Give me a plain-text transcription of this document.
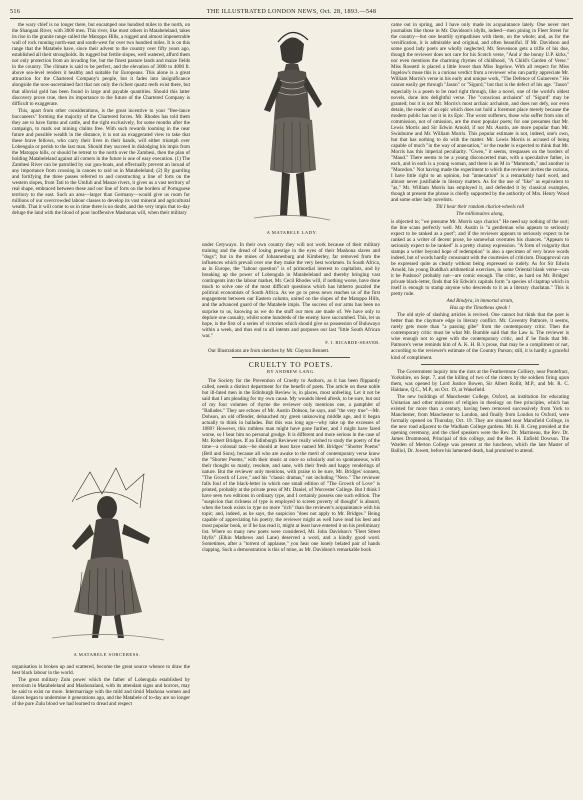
516	THE ILLUSTRATED LONDON NEWS, Oct. 28, 1893.—548

the wary chief is no longer there, but encamped one hundred miles to the north, on the Shangani River, with 3000 men. This river, like most others in Matabeleland, takes its rise in the granite range called the Matoppo Hills, a rugged and almost impenetrable wall of rock running north-east and south-west for over two hundred miles. It is on this range that the Matabele have, since their advent to the country over fifty years ago, established all their strongholds. Its rugged but fertile slopes, well watered, afford them not only protection from an invading foe, but the finest pasture lands and maize fields in the country. The climate is said to be perfect, and the elevation of 3000 to 4000 ft. above sea-level renders it healthy and suitable for Europeans. This alone is a great attraction for the Chartered Company's people, but it fades into insignificance alongside the now-ascertained fact that not only the richest quartz reefs exist there, but that alluvial gold has been found in large and payable quantities. Should this latter discovery prove true, then its importance to the future of the Chartered Company is difficult to exaggerate.

This, apart from other considerations, is the great incentive to your "free-lance buccaneers" forming the majority of the Chartered forces. Mr. Rhodes has told them they are to have farms and cattle, and the right exclusively, for some months after the campaign, to mark out mining claims free. With such rewards looming in the near future and possible wealth in the distance, it is not an exaggerated view to take that these brave fellows, who carry their lives in their hands, will either triumph over Lobengula or perish to the last man. Should they succeed in dislodging his impis from the Matoppo hills, or should he retreat to the north over the Zambesi, then the plan of holding Matabeleland against all comers in the future is one of easy execution. (1) The Zambesi River can be patrolled by our gun-boats, and effectually prevent an inroad of any importance from crossing in canoes to raid us in Matabeleland; (2) By guarding and fortifying the three passes referred to and constructing a line of forts on the western slopes, from Tati to the Umfuli and Manze rivers, it gives us a vast territory of real shape, embraced between these and our line of forts on the borders of Portuguese territory to the east. Such an area—larger than Germany—would give us room for millions of our overcrowded labour classes to develop its vast mineral and agricultural wealth. That it will come to us in time there is no doubt, and the very impis that to-day deluge the land with the blood of poor inoffensive Mashonas will, when their military

A MATABELE SORCERESS.

organisation is broken up and scattered, become the great source whence to draw the best black labour in the world.

The great military Zulu power which the father of Lobengula established by terrorism in Matabeleland and Mashonaland, with its attendant signs and horrors, may be said to exist no more. Intermarriage with the mild and timid Mashona women and slaves began to undermine it generations ago, and the Matabele of to-day are no longer of the pure Zulu blood we had learned to dread and respect

A MATABELE LADY.

under Cetywayo. In their own country they will not work because of their military training and the dread of losing prestige in the eyes of their Mashona slaves and "dogs"; but in the mines of Johannesburg and Kimberley, far removed from the influences which prevail over one they make the very best workmen. In South Africa, as in Europe, the "labour question" is of primordial interest to capitalists, and by breaking up the power of Lobengula in Matabeleland and thereby bringing vast contingents into the labour market, Mr. Cecil Rhodes will, if nothing worse, have done much to solve one of the most difficult questions which has hitherto puzzled the political economists of South Africa. As we go to press news reaches us of the first engagement between our Eastern column, united on the slopes of the Matoppo Hills, and the advanced guard of the Matabele impis. The success of our arms has been no surprise to us, knowing as we do the stuff our men are made of. We have only to deplore one casualty, whilst some hundreds of the enemy have succumbed. This, let us hope, is the first of a series of victories which should give us possession of Buluwayo within a week, and thus end to all intents and purposes our last "little South African war."

F. I. RICARDE-SEAVER.

Our Illustrations are from sketches by Mr. Clayton Bennett.

CRUELTY TO POETS.
BY ANDREW LANG.

The Society for the Prevention of Cruelty to Authors, as it has been flippantly called, needs a distinct department for the benefit of poets. The article on these noble but ill-fated men in the Edinburgh Review is, in places, most unfeeling. Let it not be said that I am pleading for my own cause. My wounds bleed afresh, to be sure, but out of my four volumes of rhyme the reviewer only mentions one, a pamphlet of "Ballades." They are echoes of Mr. Austin Dobson, he says, and "the very true"—Mr. Dobson, an old offender, debauched my green unknowing middle age, and it began actually to think in ballades. But this was long ago—why rake up the excesses of 1880? However, this ruthless man might have gone further, and I might have fared worse, so I bear him no personal grudge. It is different and more serious in the case of Mr. Robert Bridges. If an Edinburgh Reviewer really wished to study the poetry of the time—a colossal task—he should at least have named Mr. Bridges' "Shorter Poems" (Bell and Sons), because all who are awake to the merit of contemporary verse know the "Shorter Poems," with their music at once so scholarly and so spontaneous, with their thought so manly, resolute, and sane, with their fresh and happy renderings of nature. But the reviewer only mentions, with praise to be sure, Mr. Bridges' sonnets, "The Growth of Love," and his "classic dramas," not including "Nero." The reviewer falls foul of the black-letter in which one small edition of "The Growth of Love" is printed, probably at the private press of Mr. Daniel, of Worcester College. But I think I have seen two editions in ordinary type, and I certainly possess one such edition. The "suspicion that richness of type is employed to screen poverty of thought" is absurd, when the book exists in type no more "rich" than the reviewer's acquaintance with his topic; and, indeed, as he says, the suspicion "does not apply to Mr. Bridges." Being capable of appreciating his poetry, the reviewer might as well have read his best and most popular book, or if he has read it, might at least have entered it on his preliminary list. Where so many new poets were considered, Mr. John Davidson's "Fleet Street Idylls" (Elkin Mathews and Lane) deserved a word, and a kindly good word. Sometimes, after a "torrent of applause," you hear one lonely belated pair of hands clapping. Such a demonstration is this of mine, as Mr. Davidson's remarkable book

came out in spring, and I have only made its acquaintance lately. One never met journalists like those in Mr. Davidson's idylls, indeed—men pining in Fleet Street for the country—but one heartily sympathises with them, on the whole; and, as for the versification, it is admirable and original, and often beautiful. If Mr. Davidson and some good lady poets are wholly neglected, Mr. Stevenson gets a trifle of his due, though the reviewer does not care for his Scotch verse, "And a' the bonny U.P. kirks," nor even mentions the charming rhymes of childhood, "A Child's Garden of Verse." Miss Rossetti is placed a little lower than Miss Ingelow. With all respect for Miss Ingelow's muse this is a curious verdict from a reviewer who can partly appreciate Mr. William Morris's verse in his early and unique work, "The Defence of Guinevere." He cannot easily get through "Jason" or "Sigurd," but that is the defect of his age. "Jason" especially is a poem to be read right through, like a novel, one of the world's oldest novels, done into delightful verse. The "conscious archaism" of "Sigurd" may be granted; but it is not Mr. Morris's most archaic archaism, and does not defy, nor even detain, the reader of an epic which does not hold a foremost place merely because the modern public has not it in its Epic. The worst sufferers, those who suffer from sins of commission, not of omission, are the most popular poets; for one presumes that Mr. Lewis Morris and Sir Edwin Arnold, if not Mr. Austin, are more popular than Mr. Swinburne and Mr. William Morris. This popular estimate is not, indeed, one's own, but that has nothing to do with the matter. Mr. Lewis Morris is accused of being capable of much "in the way of annexation," or the reader is expected to think that Mr. Morris has this imperial peculiarity. "Gwen," it seems, trespasses on the borders of "Maud." There seems to be a young disconcerted man, with a speculative father, in each, and in each is a young woman, and there is an M in "Mammoth," and another in "Macedon." Not having made the experiment to which the reviewer invites the curious, I have little right to an opinion, but "annexation" is a remarkably hard word, and almost never justifiable in literary matters. As for the use of "like" as equivalent to "as," Mr. William Morris has employed it, and defended it by classical examples, though at present the phrase is chiefly supported by the authority of Mrs. Henry Wood and some other lady novelists.

Till I hear their random chariot-wheels roll
The millionaires along,

is objected to; "we presume Mr. Morris says chariot." He need say nothing of the sort; the line scans perfectly well. Mr. Austin is "a gentleman who appears to seriously expect to be ranked as a poet"; and if the reviewer appears to seriously expect to be ranked as a writer of decent prose, he somewhat overrates his chances. "Appears to seriously expect to be ranked" is a pretty clumsy expression. "A form of vulgarity that stamps a writer beyond hope of redemption" is also a specimen of very brave words indeed, but of words hardly consonant with the courtesies of criticism. Disapproval can be expressed quite as clearly without being expressed so rudely. As for Sir Edwin Arnold, his young Buddha's arithmetical exercises, in some Oriental blank verse—can it be Pushtoo? probably not—are comic enough. The critic, as hard on Mr. Bridges' private black-letter, finds that Sir Edwin's capitals form "a species of claptrap which in itself is enough to stamp anyone who descends to it as a literary charlatan." This is pretty rude.

And Bindyra, in immortal strain,
Has up the Timotheus speak !

The old style of slashing articles is revived. One cannot but think that the poet is better than the claymore edge in literary conflict. Mr. Coventry Patmore, it seems, rarely gets more than "a passing gibe" from the contemporary critic. Then the contemporary critic must be what Mr. Bumble said that the Law is. The reviewer is wise enough not to agree with the contemporary critic, and if he finds that Mr. Patmore's verse reminds him of A. K. H. B.'s prose, that may be a compliment or not, according to the reviewer's estimate of the Country Parson; still, it is hardly a graceful kind of compliment.

The Government inquiry into the riots at the Featherstone Colliery, near Pontefract, Yorkshire, on Sept. 7, and the killing of two of the rioters by the soldiers firing upon them, was opened by Lord Justice Bowen, Sir Albert Rollit, M.P., and Mr. R. C. Haldane, Q.C., M.P., on Oct. 19, at Wakefield.

The new buildings of Manchester College, Oxford, an institution for educating Unitarian and other ministers of religion in theology on free principles, which has existed for more than a century, having been removed successively from York to Manchester, from Manchester to London, and finally from London to Oxford, were formally opened on Thursday, Oct. 19. They are situated near Mansfield College, in the new road adjacent to the Wadham College gardens. Mr. H. R. Greg presided at the opening ceremony, and the chief speakers were the Rev. Dr. Martineau, the Rev. Dr. James Drummond, Principal of this college, and the Rev. H. Enfield Dowson. The Warden of Merton College was present at the luncheon, which the late Master of Balliol, Dr. Jowett, before his lamented death, had promised to attend.
